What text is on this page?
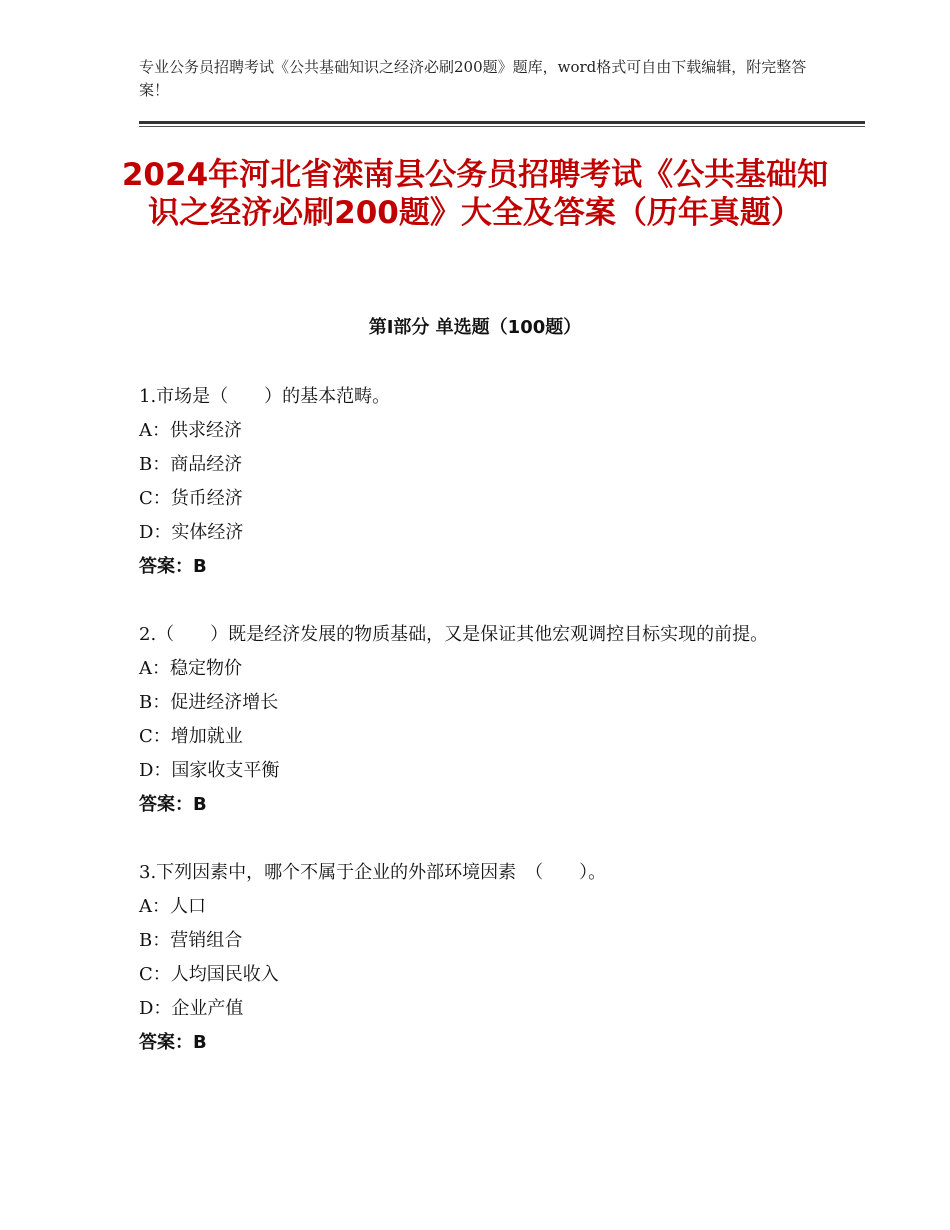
专业公务员招聘考试《公共基础知识之经济必刷200题》题库，word格式可自由下载编辑，附完整答案！
2024年河北省滦南县公务员招聘考试《公共基础知识之经济必刷200题》大全及答案（历年真题）
第I部分 单选题（100题）
1.市场是（　　）的基本范畴。
A：供求经济
B：商品经济
C：货币经济
D：实体经济
答案：B
2.（　　）既是经济发展的物质基础，又是保证其他宏观调控目标实现的前提。
A：稳定物价
B：促进经济增长
C：增加就业
D：国家收支平衡
答案：B
3.下列因素中，哪个不属于企业的外部环境因素　（　　）。
A：人口
B：营销组合
C：人均国民收入
D：企业产值
答案：B
